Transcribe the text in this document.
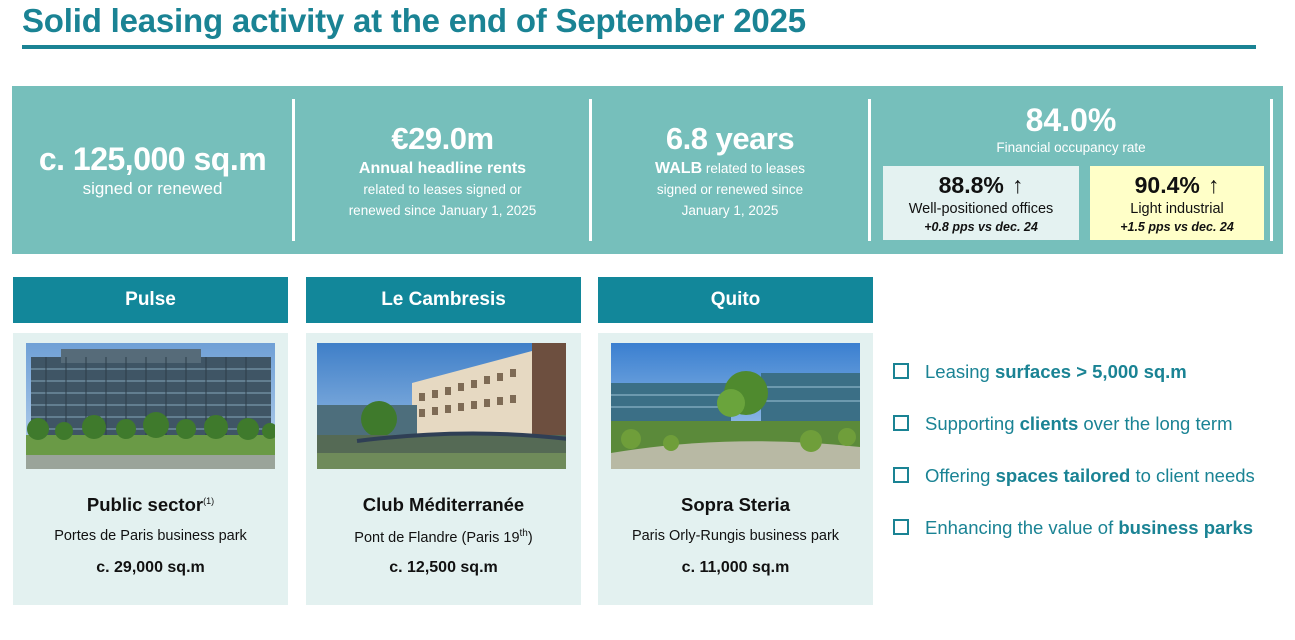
Solid leasing activity at the end of September 2025
c. 125,000 sq.m
signed or renewed
€29.0m
Annual headline rents
related to leases signed or
renewed since January 1, 2025
6.8 years
WALB related to leases
signed or renewed since
January 1, 2025
84.0%
Financial occupancy rate
88.8% ↑
Well-positioned offices
+0.8 pps vs dec. 24
90.4% ↑
Light industrial
+1.5 pps vs dec. 24
Pulse
Public sector$^{(1)}$
Portes de Paris business park
c. 29,000 sq.m
Le Cambresis
Club Méditerranée
Pont de Flandre (Paris 19th)
c. 12,500 sq.m
Quito
Sopra Steria
Paris Orly-Rungis business park
c. 11,000 sq.m
Leasing surfaces > 5,000 sq.m
Supporting clients over the long term
Offering spaces tailored to client needs
Enhancing the value of business parks
